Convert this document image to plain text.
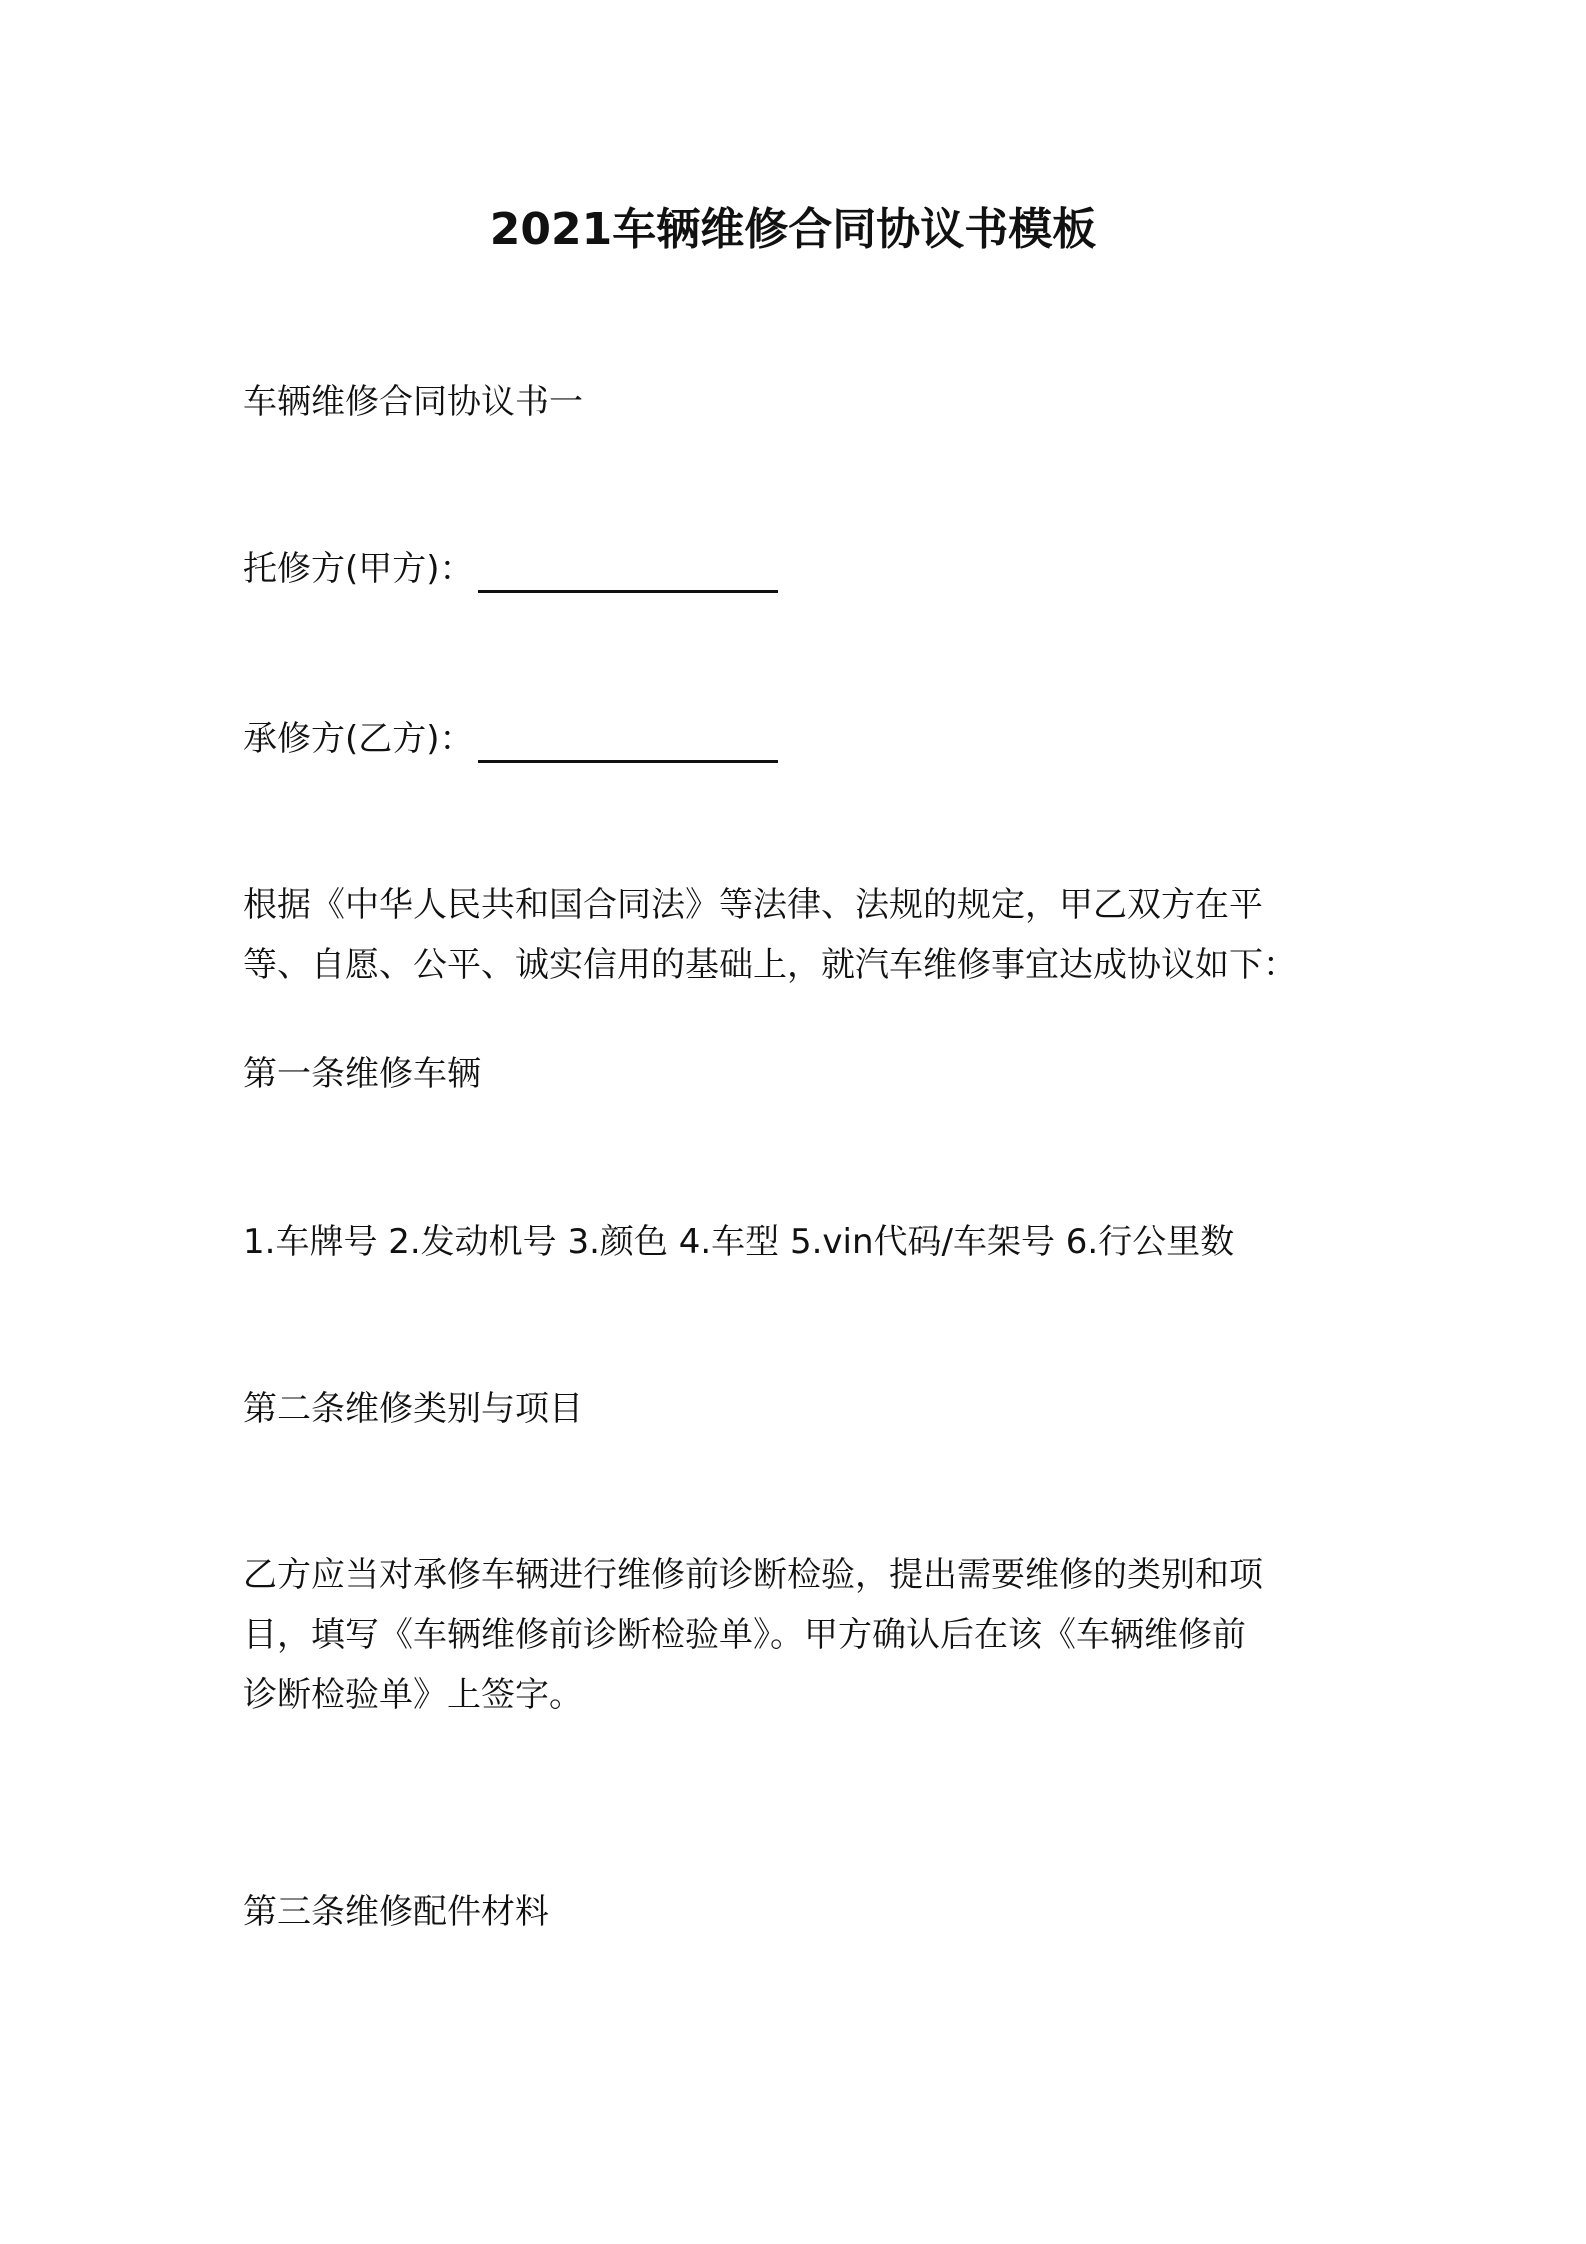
2021车辆维修合同协议书模板
车辆维修合同协议书一
托修方(甲方)：
承修方(乙方)：
根据《中华人民共和国合同法》等法律、法规的规定，甲乙双方在平
等、自愿、公平、诚实信用的基础上，就汽车维修事宜达成协议如下：
第一条维修车辆
1.车牌号 2.发动机号 3.颜色 4.车型 5.vin代码/车架号 6.行公里数
第二条维修类别与项目
乙方应当对承修车辆进行维修前诊断检验，提出需要维修的类别和项
目，填写《车辆维修前诊断检验单》。甲方确认后在该《车辆维修前
诊断检验单》上签字。
第三条维修配件材料
